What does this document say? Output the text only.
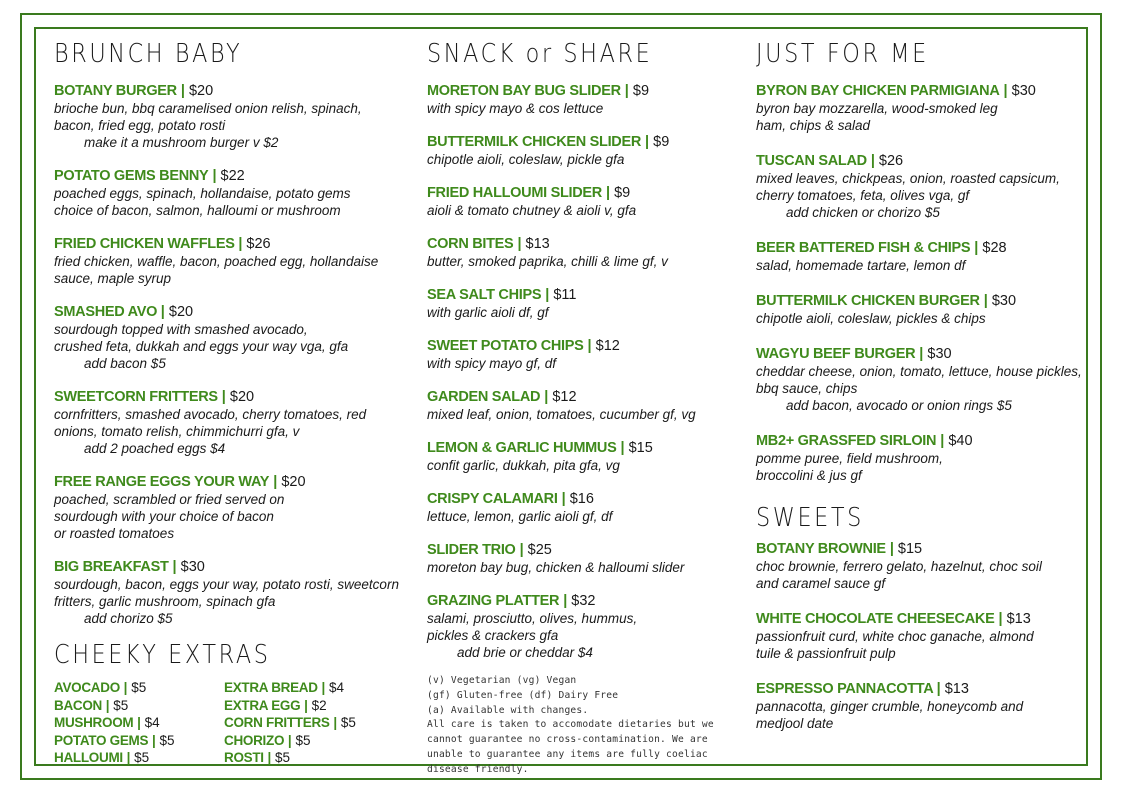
BRUNCH BABY
BOTANY BURGER | $20
brioche bun, bbq caramelised onion relish, spinach,
bacon, fried egg, potato rosti
make it a mushroom burger v $2
POTATO GEMS BENNY | $22
poached eggs, spinach, hollandaise, potato gems
choice of bacon, salmon, halloumi or mushroom
FRIED CHICKEN WAFFLES | $26
fried chicken, waffle, bacon, poached egg, hollandaise
sauce, maple syrup
SMASHED AVO | $20
sourdough topped with smashed avocado,
crushed feta, dukkah and eggs your way vga, gfa
add bacon $5
SWEETCORN FRITTERS | $20
cornfritters, smashed avocado, cherry tomatoes, red
onions, tomato relish, chimmichurri gfa, v
add 2 poached eggs $4
FREE RANGE EGGS YOUR WAY | $20
poached, scrambled or fried served on
sourdough with your choice of bacon
or roasted tomatoes
BIG BREAKFAST | $30
sourdough, bacon, eggs your way, potato rosti, sweetcorn
fritters, garlic mushroom, spinach gfa
add chorizo $5
CHEEKY EXTRAS
AVOCADO | $5
BACON | $5
MUSHROOM | $4
POTATO GEMS | $5
HALLOUMI | $5
EXTRA BREAD | $4
EXTRA EGG | $2
CORN FRITTERS | $5
CHORIZO | $5
ROSTI | $5
SNACK or SHARE
MORETON BAY BUG SLIDER | $9
with spicy mayo & cos lettuce
BUTTERMILK CHICKEN SLIDER | $9
chipotle aioli, coleslaw, pickle gfa
FRIED HALLOUMI SLIDER | $9
aioli & tomato chutney & aioli v, gfa
CORN BITES | $13
butter, smoked paprika, chilli & lime gf, v
SEA SALT CHIPS | $11
with garlic aioli df, gf
SWEET POTATO CHIPS | $12
with spicy mayo gf, df
GARDEN SALAD | $12
mixed leaf, onion, tomatoes, cucumber gf, vg
LEMON & GARLIC HUMMUS | $15
confit garlic, dukkah, pita gfa, vg
CRISPY CALAMARI | $16
lettuce, lemon, garlic aioli gf, df
SLIDER TRIO | $25
moreton bay bug, chicken & halloumi slider
GRAZING PLATTER | $32
salami, prosciutto, olives, hummus,
pickles & crackers gfa
add brie or cheddar $4
(v) Vegetarian (vg) Vegan
(gf) Gluten-free (df) Dairy Free
(a) Available with changes.
All care is taken to accomodate dietaries but we
cannot guarantee no cross-contamination. We are
unable to guarantee any items are fully coeliac
disease friendly.
JUST FOR ME
BYRON BAY CHICKEN PARMIGIANA | $30
byron bay mozzarella, wood-smoked leg
ham, chips & salad
TUSCAN SALAD | $26
mixed leaves, chickpeas, onion, roasted capsicum,
cherry tomatoes, feta, olives vga, gf
add chicken or chorizo $5
BEER BATTERED FISH & CHIPS | $28
salad, homemade tartare, lemon df
BUTTERMILK CHICKEN BURGER | $30
chipotle aioli, coleslaw, pickles & chips
WAGYU BEEF BURGER | $30
cheddar cheese, onion, tomato, lettuce, house pickles,
bbq sauce, chips
add bacon, avocado or onion rings $5
MB2+ GRASSFED SIRLOIN | $40
pomme puree, field mushroom,
broccolini & jus gf
SWEETS
BOTANY BROWNIE | $15
choc brownie, ferrero gelato, hazelnut, choc soil
and caramel sauce gf
WHITE CHOCOLATE CHEESECAKE | $13
passionfruit curd, white choc ganache, almond
tuile & passionfruit pulp
ESPRESSO PANNACOTTA | $13
pannacotta, ginger crumble, honeycomb and
medjool date
